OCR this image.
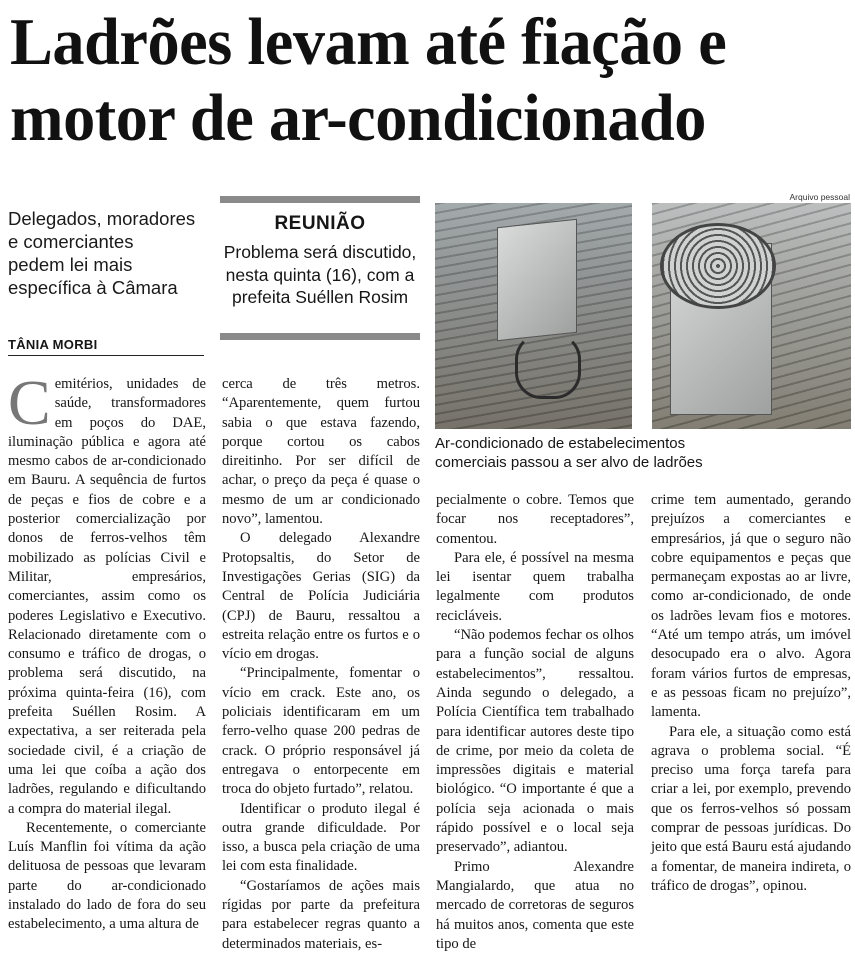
Ladrões levam até fiação e
motor de ar-condicionado
Delegados, moradores
e comerciantes
pedem lei mais
específica à Câmara
TÂNIA MORBI
REUNIÃO
Problema será discutido,
nesta quinta (16), com a
prefeita Suéllen Rosim
Arquivo pessoal
Ar-condicionado de estabelecimentos
comerciais passou a ser alvo de ladrões

Cemitérios, unidades de saúde, transformadores em poços do DAE, iluminação pública e agora até mesmo cabos de ar-condicionado em Bauru. A sequência de furtos de peças e fios de cobre e a posterior comercialização por donos de ferros-velhos têm mobilizado as polícias Civil e Militar, empresários, comerciantes, assim como os poderes Legislativo e Executivo. Relacionado diretamente com o consumo e tráfico de drogas, o problema será discutido, na próxima quinta-feira (16), com prefeita Suéllen Rosim. A expectativa, a ser reiterada pela sociedade civil, é a criação de uma lei que coíba a ação dos ladrões, regulando e dificultando a compra do material ilegal.

Recentemente, o comerciante Luís Manflin foi vítima da ação delituosa de pessoas que levaram parte do ar-condicionado instalado do lado de fora do seu estabelecimento, a uma altura de

cerca de três metros. “Aparentemente, quem furtou sabia o que estava fazendo, porque cortou os cabos direitinho. Por ser difícil de achar, o preço da peça é quase o mesmo de um ar condicionado novo”, lamentou.

O delegado Alexandre Protopsaltis, do Setor de Investigações Gerias (SIG) da Central de Polícia Judiciária (CPJ) de Bauru, ressaltou a estreita relação entre os furtos e o vício em drogas.

“Principalmente, fomentar o vício em crack. Este ano, os policiais identificaram em um ferro-velho quase 200 pedras de crack. O próprio responsável já entregava o entorpecente em troca do objeto furtado”, relatou.

Identificar o produto ilegal é outra grande dificuldade. Por isso, a busca pela criação de uma lei com esta finalidade.

“Gostaríamos de ações mais rígidas por parte da prefeitura para estabelecer regras quanto a determinados materiais, es-

pecialmente o cobre. Temos que focar nos receptadores”, comentou.

Para ele, é possível na mesma lei isentar quem trabalha legalmente com produtos recicláveis.

“Não podemos fechar os olhos para a função social de alguns estabelecimentos”, ressaltou. Ainda segundo o delegado, a Polícia Científica tem trabalhado para identificar autores deste tipo de crime, por meio da coleta de impressões digitais e material biológico. “O importante é que a polícia seja acionada o mais rápido possível e o local seja preservado”, adiantou.

Primo Alexandre Mangialardo, que atua no mercado de corretoras de seguros há muitos anos, comenta que este tipo de

crime tem aumentado, gerando prejuízos a comerciantes e empresários, já que o seguro não cobre equipamentos e peças que permaneçam expostas ao ar livre, como ar-condicionado, de onde os ladrões levam fios e motores. “Até um tempo atrás, um imóvel desocupado era o alvo. Agora foram vários furtos de empresas, e as pessoas ficam no prejuízo”, lamenta.

Para ele, a situação como está agrava o problema social. “É preciso uma força tarefa para criar a lei, por exemplo, prevendo que os ferros-velhos só possam comprar de pessoas jurídicas. Do jeito que está Bauru está ajudando a fomentar, de maneira indireta, o tráfico de drogas”, opinou.
